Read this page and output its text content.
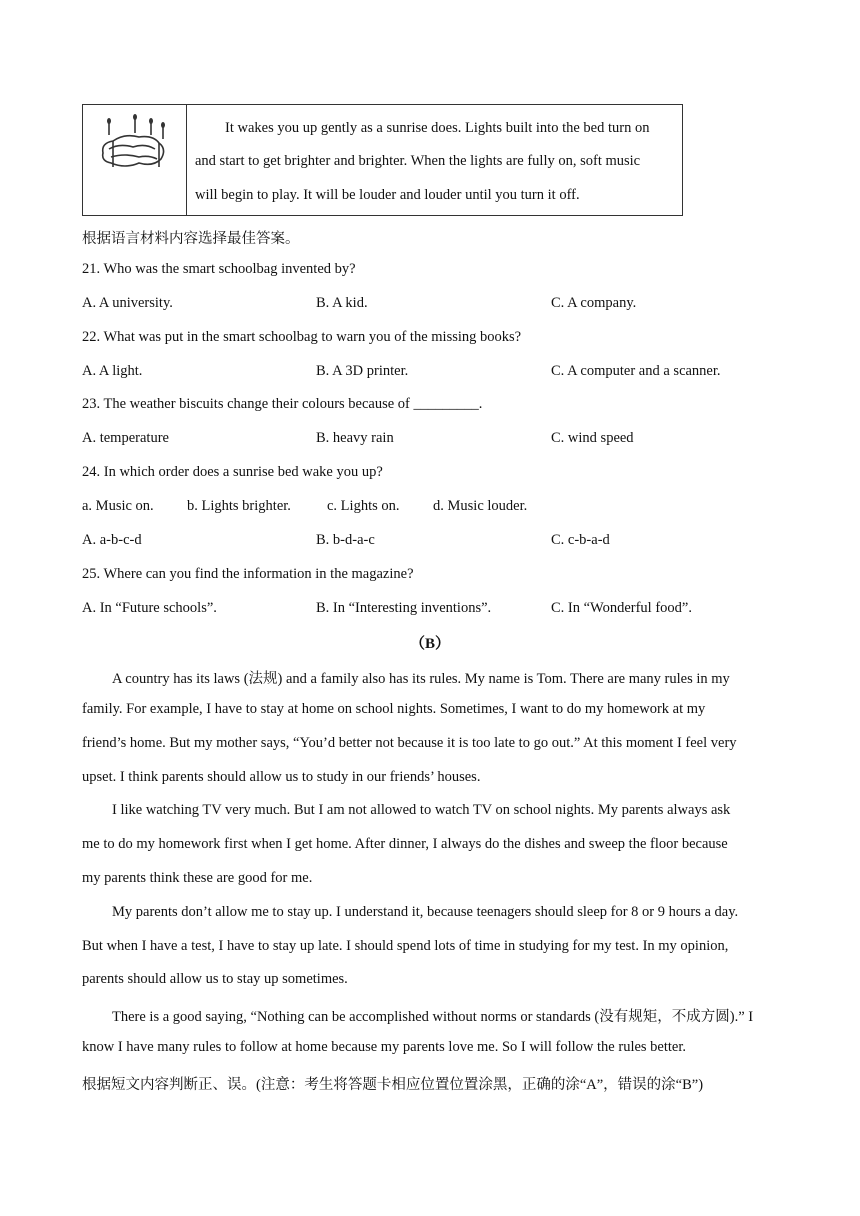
It wakes you up gently as a sunrise does. Lights built into the bed turn on
and start to get brighter and brighter. When the lights are fully on, soft music
will begin to play. It will be louder and louder until you turn it off.
根据语言材料内容选择最佳答案。
21. Who was the smart schoolbag invented by?
A. A university.	B. A kid.	C. A company.
22. What was put in the smart schoolbag to warn you of the missing books?
A. A light.	B. A 3D printer.	C. A computer and a scanner.
23. The weather biscuits change their colours because of _________.
A. temperature	B. heavy rain	C. wind speed
24. In which order does a sunrise bed wake you up?
a. Music on. b. Lights brighter. c. Lights on. d. Music louder.
A. a-b-c-d	B. b-d-a-c	C. c-b-a-d
25. Where can you find the information in the magazine?
A. In “Future schools”.	B. In “Interesting inventions”.	C. In “Wonderful food”.
（B）
A country has its laws (法规) and a family also has its rules. My name is Tom. There are many rules in my
family. For example, I have to stay at home on school nights. Sometimes, I want to do my homework at my
friend’s home. But my mother says, “You’d better not because it is too late to go out.” At this moment I feel very
upset. I think parents should allow us to study in our friends’ houses.
I like watching TV very much. But I am not allowed to watch TV on school nights. My parents always ask
me to do my homework first when I get home. After dinner, I always do the dishes and sweep the floor because
my parents think these are good for me.
My parents don’t allow me to stay up. I understand it, because teenagers should sleep for 8 or 9 hours a day.
But when I have a test, I have to stay up late. I should spend lots of time in studying for my test. In my opinion,
parents should allow us to stay up sometimes.
There is a good saying, “Nothing can be accomplished without norms or standards (没有规矩，不成方圆).” I
know I have many rules to follow at home because my parents love me. So I will follow the rules better.
根据短文内容判断正、误。(注意：考生将答题卡相应位置位置涂黑，正确的涂“A”，错误的涂“B”)
